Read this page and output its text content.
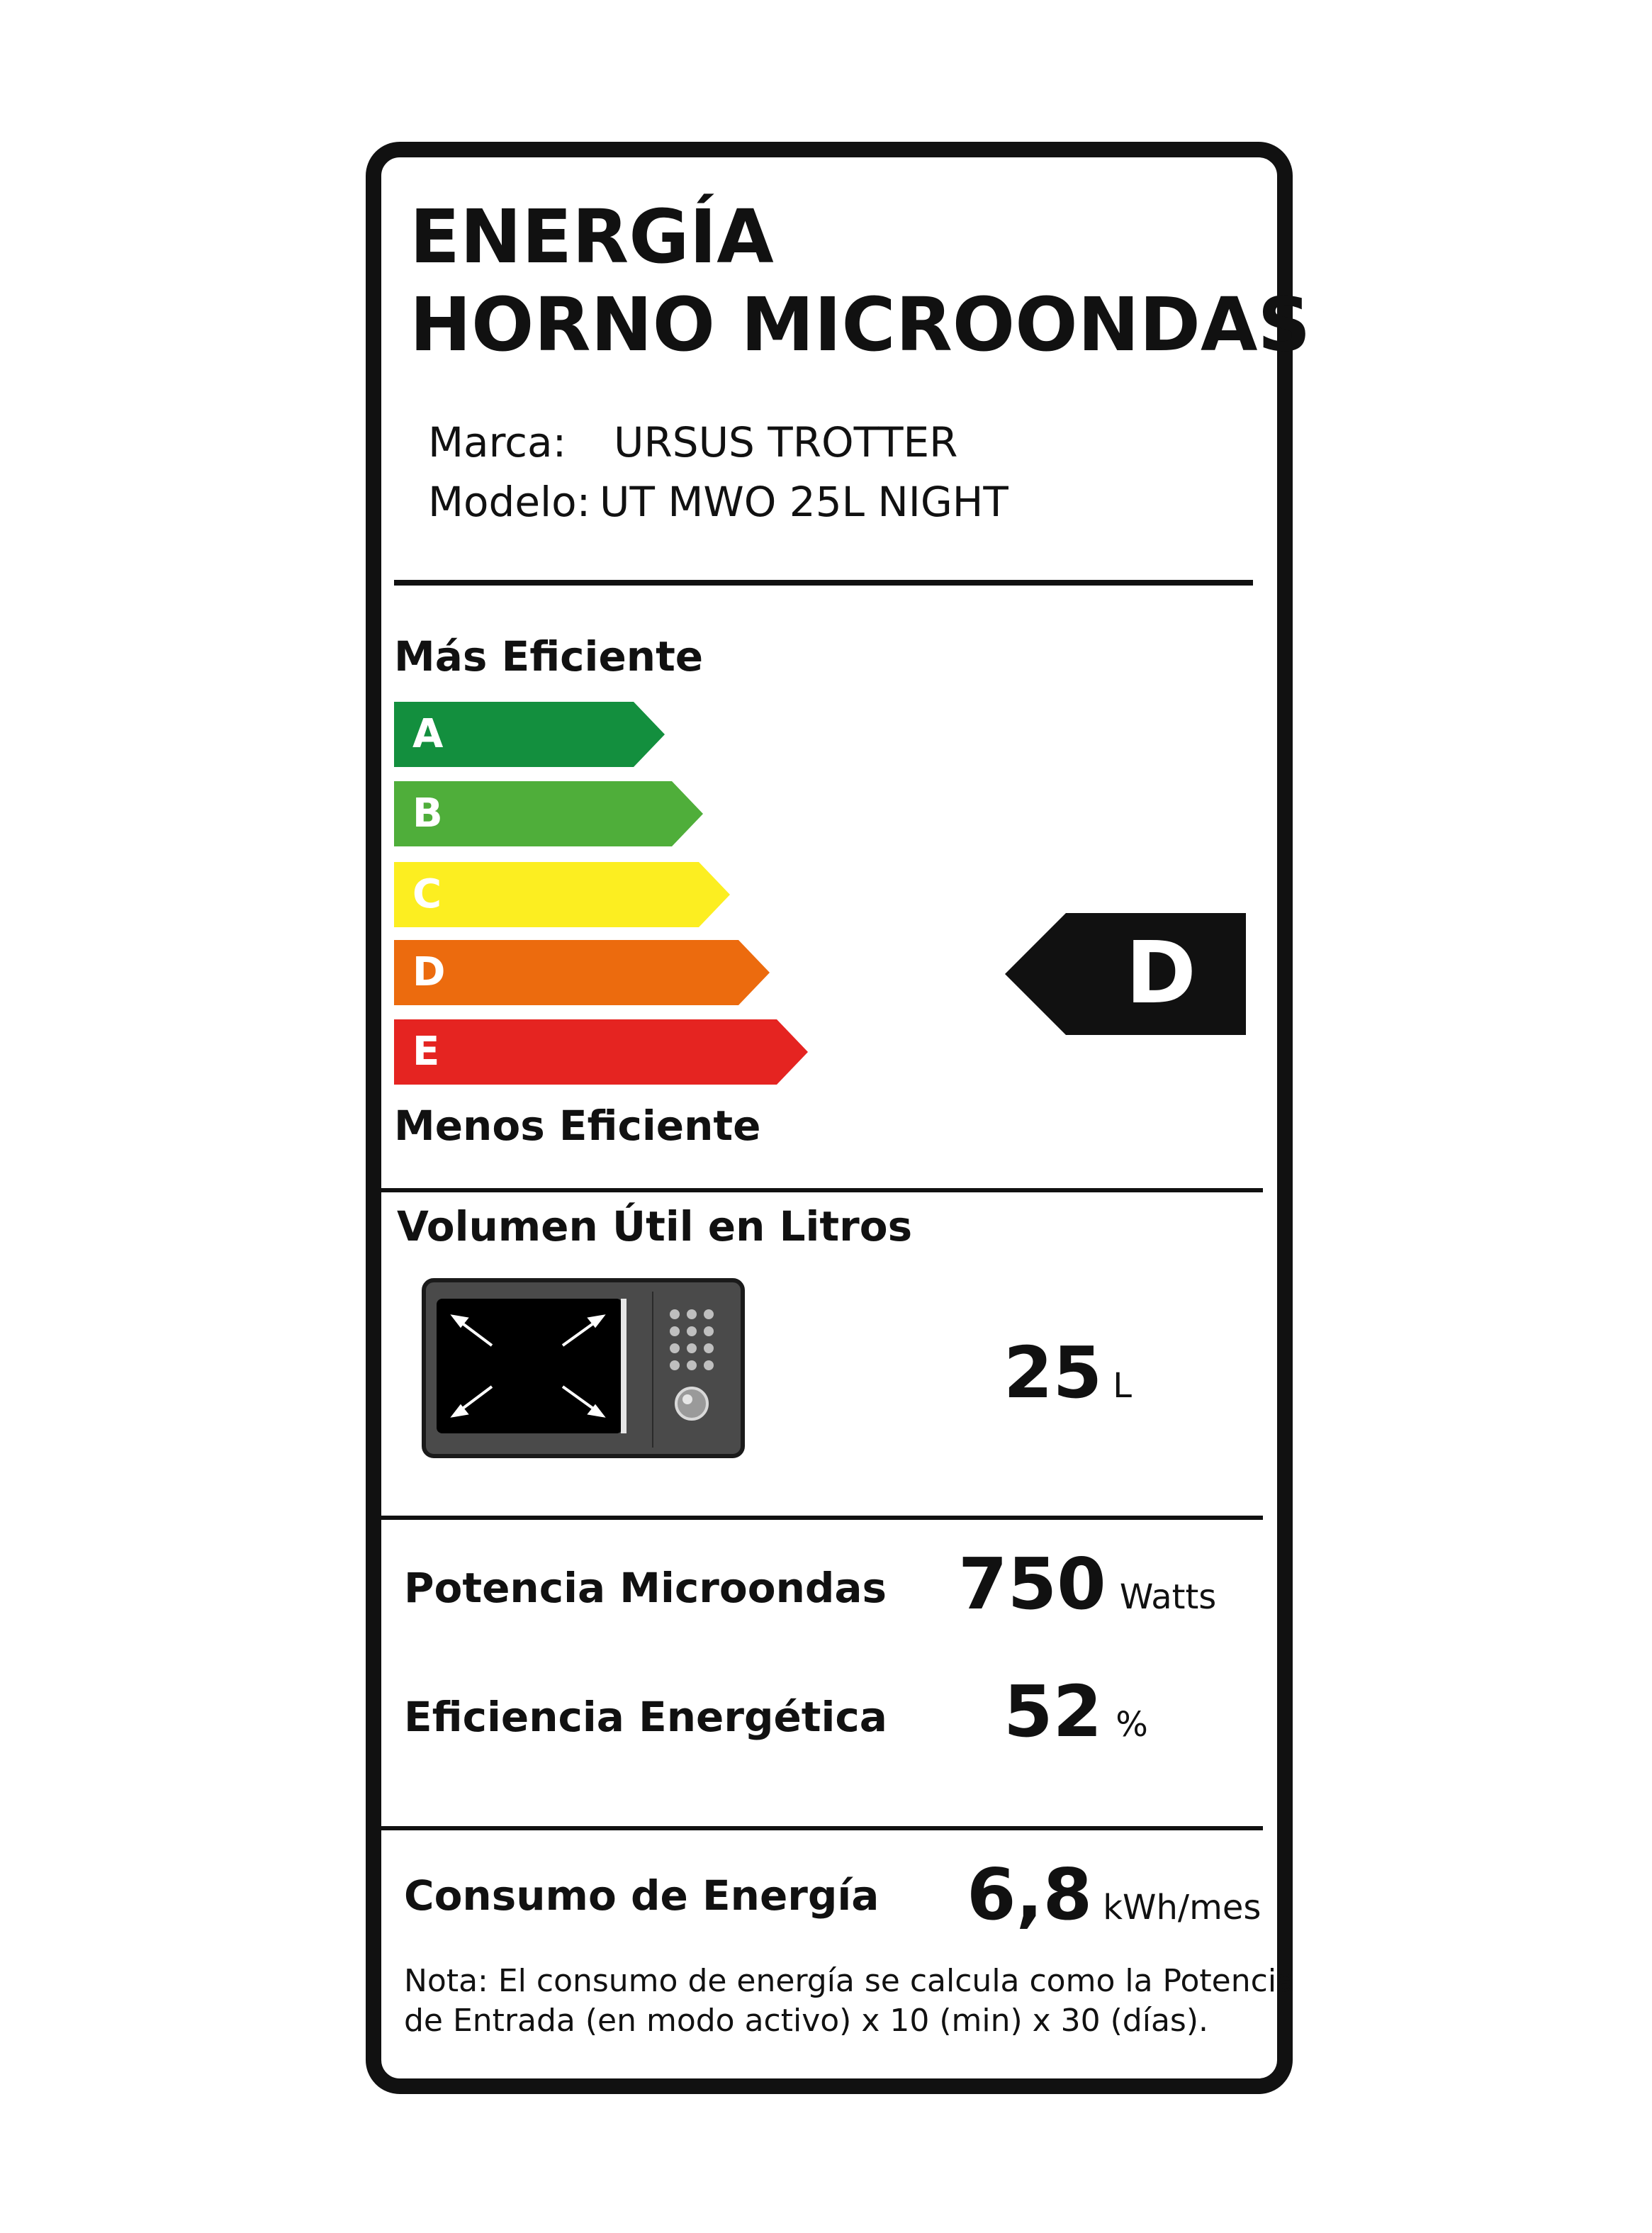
ENERGÍA
HORNO MICROONDAS
Marca: URSUS TROTTER
Modelo: UT MWO 25L NIGHT
Más Eficiente
A
B
C
D
E
D
Menos Eficiente
Volumen Útil en Litros
25 L
Potencia Microondas 750 Watts
Eficiencia Energética 52 %
Consumo de Energía 6,8 kWh/mes
Nota: El consumo de energía se calcula como la Potencia
de Entrada (en modo activo) x 10 (min) x 30 (días).
